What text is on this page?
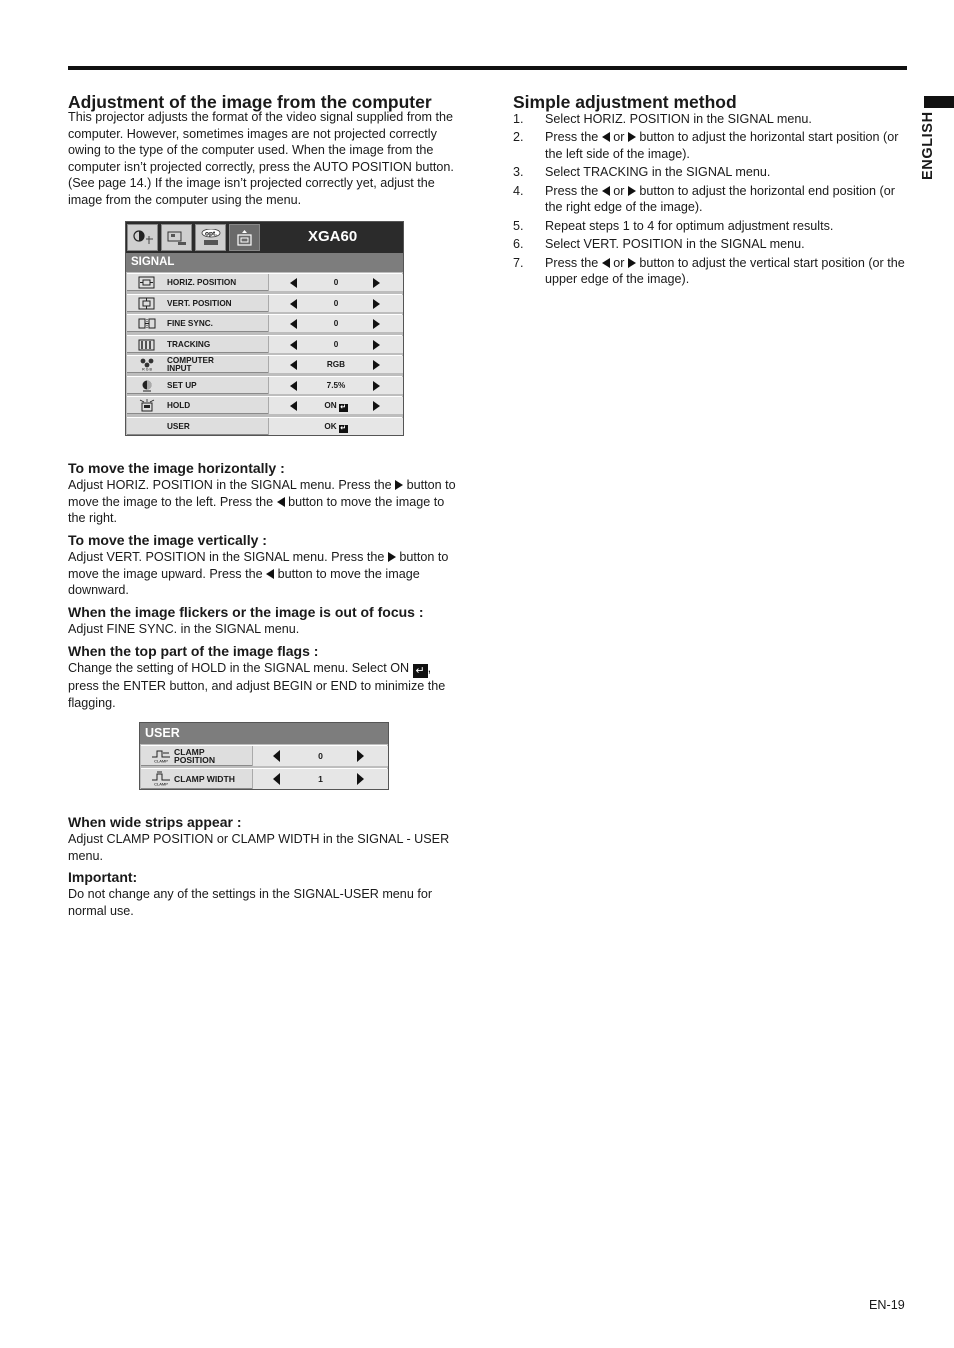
ENGLISH
Adjustment of the image from the computer

This projector adjusts the format of the video signal supplied from the computer. However, sometimes images are not projected correctly owing to the type of the computer used. When the image from the computer isn’t projected correctly, press the AUTO POSITION button. (See page 14.) If the image isn’t projected correctly yet, adjust the image from the computer using the menu.

opt.	XGA60
SIGNAL
HORIZ. POSITION	0
VERT. POSITION	0
FINE SYNC.	0
TRACKING	0
R G B
COMPUTER
INPUT	RGB
SET UP	7.5%
HOLD	ON ↵
USER	OK ↵
To move the image horizontally :

Adjust HORIZ. POSITION in the SIGNAL menu. Press the  button to move the image to the left. Press the  button to move the image to the right.

To move the image vertically :

Adjust VERT. POSITION in the SIGNAL menu. Press the  button to move the image upward. Press the  button to move the image downward.

When the image flickers or the image is out of focus :

Adjust FINE SYNC. in the SIGNAL menu.

When the top part of the image flags :

Change the setting of HOLD in the SIGNAL menu. Select ON ↵ , press the ENTER button, and adjust BEGIN or END to minimize the flagging.

USER
CLAMP
CLAMP
POSITION	0
CLAMP CLAMP WIDTH	1
When wide strips appear :

Adjust CLAMP POSITION or CLAMP WIDTH in the SIGNAL - USER menu.

Important:

Do not change any of the settings in the SIGNAL-USER menu for normal use.

Simple adjustment method
1. Select HORIZ. POSITION in the SIGNAL menu.
2. Press the  or  button to adjust the horizontal start position (or the left side of the image).
3. Select TRACKING in the SIGNAL menu.
4. Press the  or  button to adjust the horizontal end position (or the right edge of the image).
5. Repeat steps 1 to 4 for optimum adjustment results.
6. Select VERT. POSITION in the SIGNAL menu.
7. Press the  or  button to adjust the vertical start position (or the upper edge of the image).
EN-19
